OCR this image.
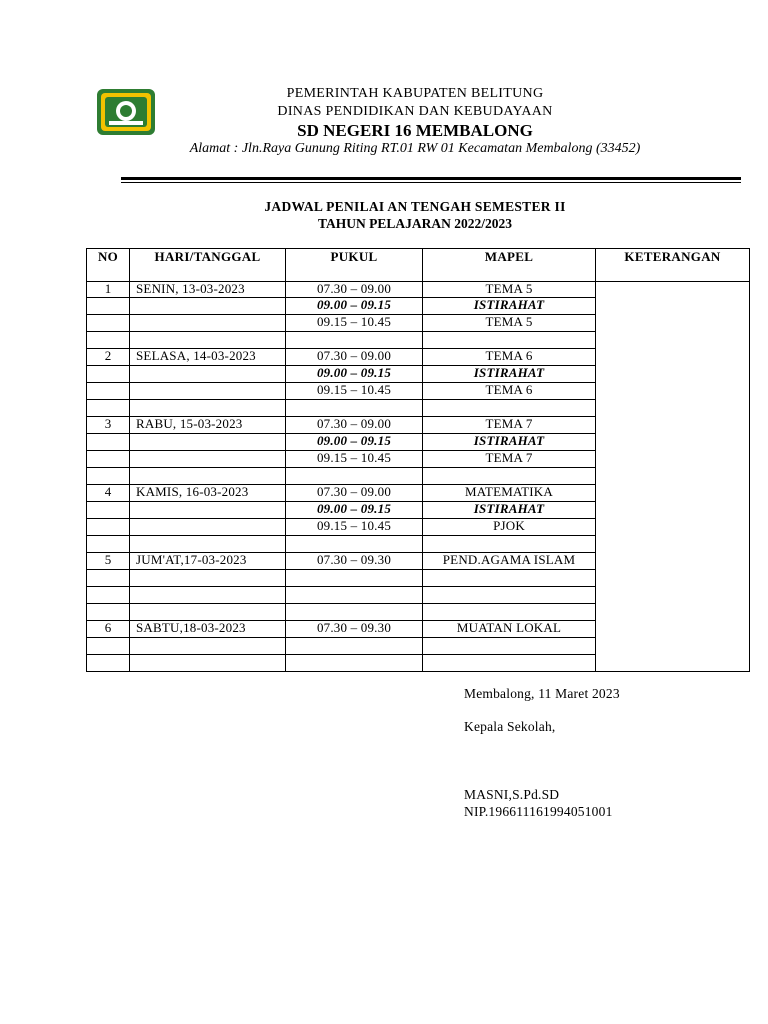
PEMERINTAH KABUPATEN BELITUNG
DINAS PENDIDIKAN DAN KEBUDAYAAN
SD NEGERI 16 MEMBALONG
Alamat : Jln.Raya Gunung Riting RT.01 RW 01 Kecamatan Membalong (33452)
JADWAL PENILAI AN TENGAH SEMESTER II
TAHUN PELAJARAN 2022/2023
NO	HARI/TANGGAL	PUKUL	MAPEL	KETERANGAN
1	SENIN, 13-03-2023	07.30 – 09.00	TEMA 5	
		09.00 – 09.15	ISTIRAHAT	
		09.15 – 10.45	TEMA 5	

2	SELASA, 14-03-2023	07.30 – 09.00	TEMA 6	
		09.00 – 09.15	ISTIRAHAT	
		09.15 – 10.45	TEMA 6	

3	RABU, 15-03-2023	07.30 – 09.00	TEMA 7	
		09.00 – 09.15	ISTIRAHAT	
		09.15 – 10.45	TEMA 7	

4	KAMIS, 16-03-2023	07.30 – 09.00	MATEMATIKA	
		09.00 – 09.15	ISTIRAHAT	
		09.15 – 10.45	PJOK	

5	JUM'AT,17-03-2023	07.30 – 09.30	PEND.AGAMA ISLAM	

6	SABTU,18-03-2023	07.30 – 09.30	MUATAN LOKAL	

Membalong, 11 Maret 2023
Kepala Sekolah,
MASNI,S.Pd.SD
NIP.196611161994051001
